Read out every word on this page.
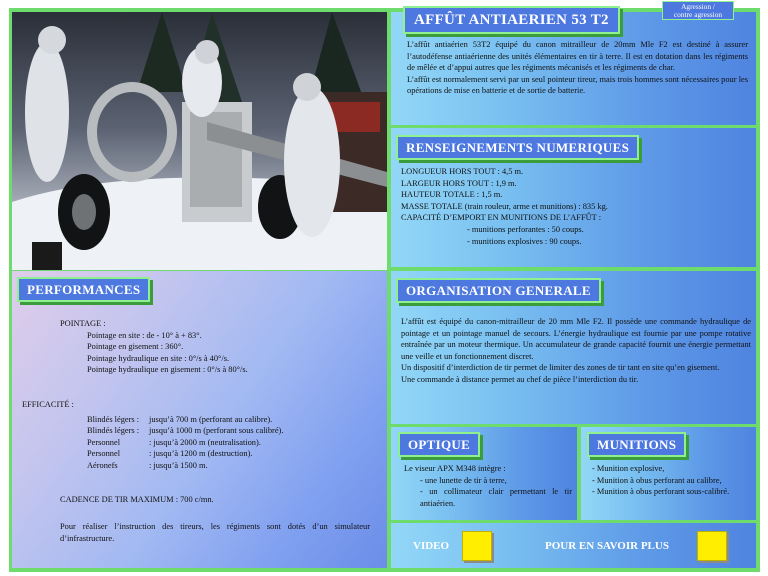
AFFÛT ANTIAERIEN 53 T2
Agression /
contre agression

L’affût antiaérien 53T2 équipé du canon mitrailleur de 20mm Mle F2 est destiné à assurer l’autodéfense antiaérienne des unités élémentaires en tir à terre. Il est en dotation dans les régiments de mêlée et d’appui autres que les régiments mécanisés et les régiments de char.

L’affût est normalement servi par un seul pointeur tireur, mais trois hommes sont nécessaires pour les opérations de mise en batterie et de sortie de batterie.

RENSEIGNEMENTS NUMERIQUES

LONGUEUR HORS TOUT : 4,5 m.

LARGEUR HORS TOUT : 1,9 m.

HAUTEUR TOTALE : 1,5 m.

MASSE TOTALE (train rouleur, arme et munitions) : 835 kg.

CAPACITÉ D’EMPORT EN MUNITIONS DE L’AFFÛT :

- munitions perforantes : 50 coups.

- munitions explosives : 90 coups.

PERFORMANCES

POINTAGE :

Pointage en site : de - 10° à + 83°.

Pointage en gisement : 360°.

Pointage hydraulique en site : 0°/s à 40°/s.

Pointage hydraulique en gisement : 0°/s à 80°/s.

EFFICACITÉ :

Blindés légers :	jusqu’à 700 m (perforant au calibre).
Blindés légers :	jusqu’à 1000 m (perforant sous calibré).
Personnel	: jusqu’à 2000 m (neutralisation).
Personnel	: jusqu’à 1200 m (destruction).
Aéronefs	: jusqu’à 1500 m.
CADENCE DE TIR MAXIMUM : 700 c/mn.
Pour réaliser l’instruction des tireurs, les régiments sont dotés d’un simulateur d’infrastructure.
ORGANISATION GENERALE

L’affût est équipé du canon-mitrailleur de 20 mm Mle F2. Il possède une commande hydraulique de pointage et un pointage manuel de secours. L’énergie hydraulique est fournie par une pompe rotative entraînée par un moteur thermique. Un accumulateur de grande capacité fournit une énergie permettant une veille et un fonctionnement discret.

Un dispositif d’interdiction de tir permet de limiter des zones de tir tant en site qu’en gisement.

Une commande à distance permet au chef de pièce l’interdiction du tir.

OPTIQUE

Le viseur APX M348 intègre :

- une lunette de tir à terre,

- un collimateur clair permettant le tir antiaérien.

MUNITIONS

- Munition explosive,

- Munition à obus perforant au calibre,

- Munition à obus perforant sous-calibré.

VIDEO	POUR EN SAVOIR PLUS
